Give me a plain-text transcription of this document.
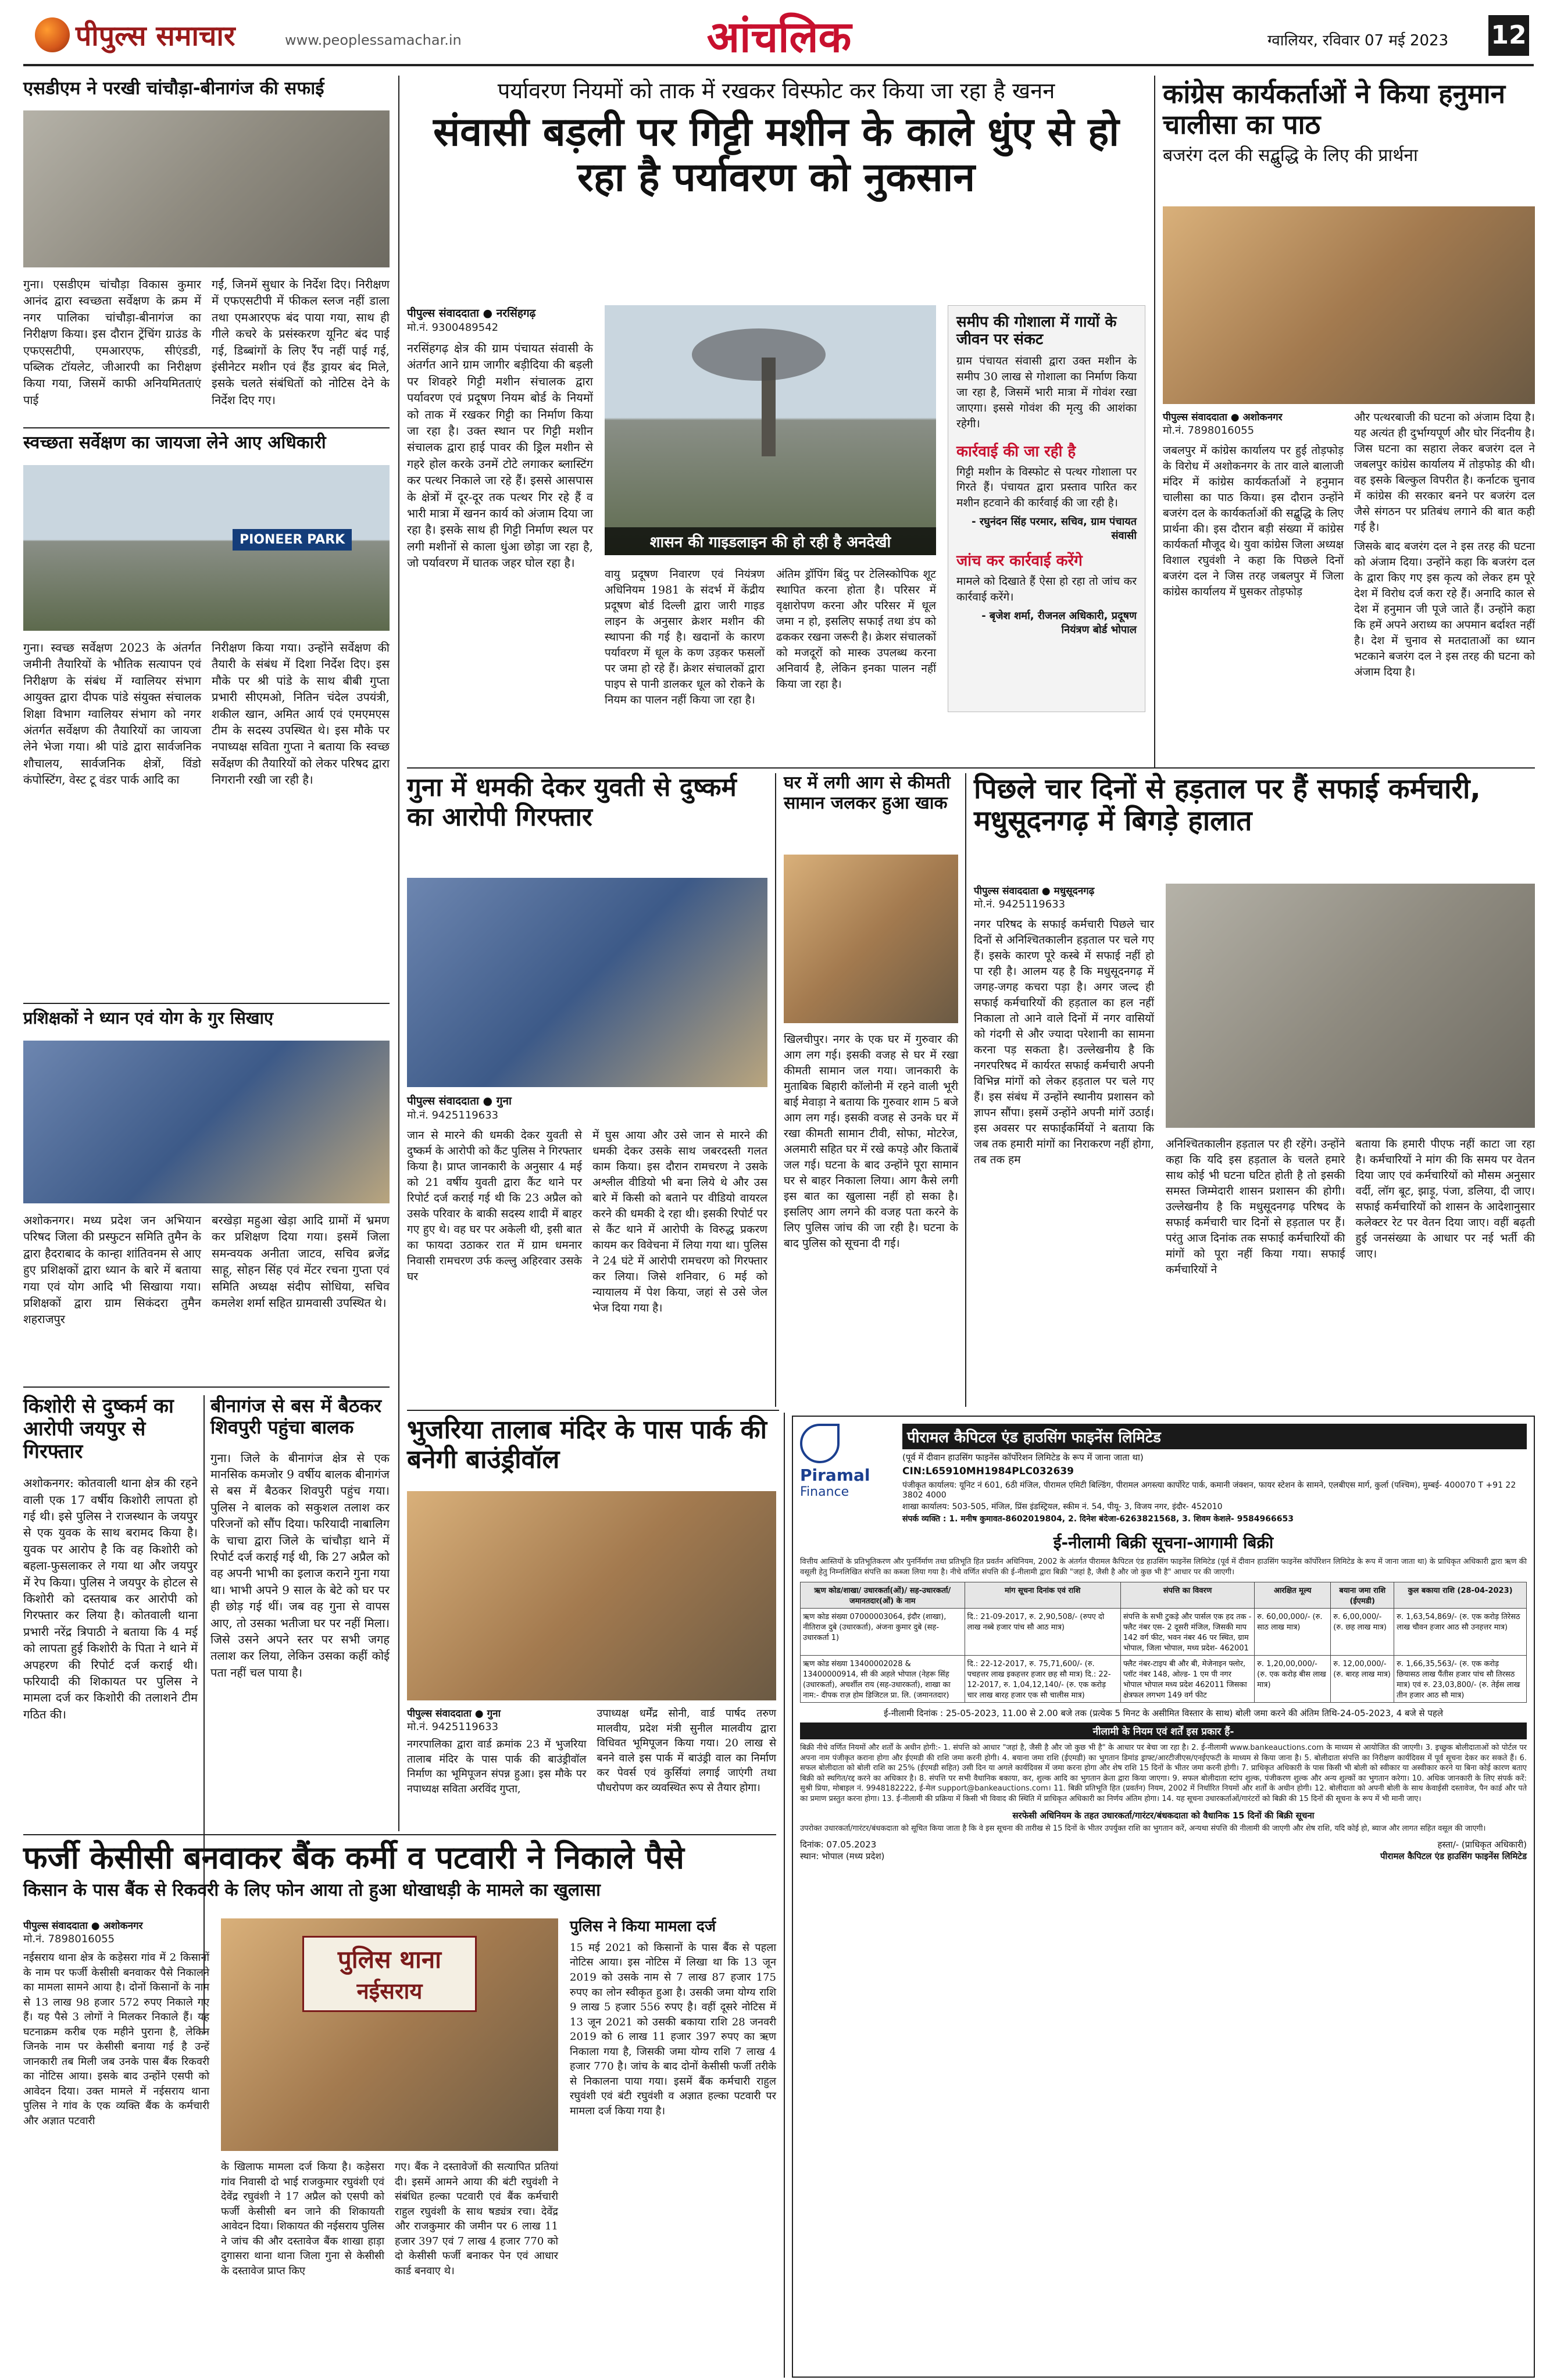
पीपुल्स समाचार	www.peoplessamachar.in	आंचलिक	ग्वालियर, रविवार 07 मई 2023 12
एसडीएम ने परखी चांचौड़ा-बीनागंज की सफाई

गुना। एसडीएम चांचौड़ा विकास कुमार आनंद द्वारा स्वच्छता सर्वेक्षण के क्रम में नगर पालिका चांचौड़ा-बीनागंज का निरीक्षण किया। इस दौरान ट्रेंचिंग ग्राउंड के एफएसटीपी, एमआरएफ, सीएंडडी, पब्लिक टॉयलेट, जीआरपी का निरीक्षण किया गया, जिसमें काफी अनियमितताएं पाई

गईं, जिनमें सुधार के निर्देश दिए। निरीक्षण में एफएसटीपी में फीकल स्लज नहीं डाला तथा एमआरएफ बंद पाया गया, साथ ही गीले कचरे के प्रसंस्करण यूनिट बंद पाई गई, डिब्बांगों के लिए रैंप नहीं पाई गई, इंसीनेटर मशीन एवं हैंड ड्रायर बंद मिले, इसके चलते संबंधितों को नोटिस देने के निर्देश दिए गए।

स्वच्छता सर्वेक्षण का जायजा लेने आए अधिकारी
PIONEER PARK

गुना। स्वच्छ सर्वेक्षण 2023 के अंतर्गत जमीनी तैयारियों के भौतिक सत्यापन एवं निरीक्षण के संबंध में ग्वालियर संभाग आयुक्त द्वारा दीपक पांडे संयुक्त संचालक शिक्षा विभाग ग्वालियर संभाग को नगर अंतर्गत सर्वेक्षण की तैयारियों का जायजा लेने भेजा गया। श्री पांडे द्वारा सार्वजनिक शौचालय, सार्वजनिक क्षेत्रों, विंडो कंपोस्टिंग, वेस्ट टू वंडर पार्क आदि का

निरीक्षण किया गया। उन्होंने सर्वेक्षण की तैयारी के संबंध में दिशा निर्देश दिए। इस मौके पर श्री पांडे के साथ बीबी गुप्ता प्रभारी सीएमओ, नितिन चंदेल उपयंत्री, शकील खान, अमित आर्य एवं एमएमएस टीम के सदस्य उपस्थित थे। इस मौके पर नपाध्यक्ष सविता गुप्ता ने बताया कि स्वच्छ सर्वेक्षण की तैयारियों को लेकर परिषद द्वारा निगरानी रखी जा रही है।

प्रशिक्षकों ने ध्यान एवं योग के गुर सिखाए

अशोकनगर। मध्य प्रदेश जन अभियान परिषद जिला की प्रस्फुटन समिति तुमैन के द्वारा हैदराबाद के कान्हा शांतिवनम से आए हुए प्रशिक्षकों द्वारा ध्यान के बारे में बताया गया एवं योग आदि भी सिखाया गया। प्रशिक्षकों द्वारा ग्राम सिकंदरा तुमैन शहराजपुर

बरखेड़ा महुआ खेड़ा आदि ग्रामों में भ्रमण कर प्रशिक्षण दिया गया। इसमें जिला समन्वयक अनीता जाटव, सचिव ब्रजेंद्र साहू, सोहन सिंह एवं मेंटर रचना गुप्ता एवं समिति अध्यक्ष संदीप सोधिया, सचिव कमलेश शर्मा सहित ग्रामवासी उपस्थित थे।

किशोरी से दुष्कर्म का आरोपी जयपुर से गिरफ्तार

अशोकनगर: कोतवाली थाना क्षेत्र की रहने वाली एक 17 वर्षीय किशोरी लापता हो गई थी। इसे पुलिस ने राजस्थान के जयपुर से एक युवक के साथ बरामद किया है। युवक पर आरोप है कि वह किशोरी को बहला-फुसलाकर ले गया था और जयपुर में रेप किया। पुलिस ने जयपुर के होटल से किशोरी को दस्तयाब कर आरोपी को गिरफ्तार कर लिया है। कोतवाली थाना प्रभारी नरेंद्र त्रिपाठी ने बताया कि 4 मई को लापता हुई किशोरी के पिता ने थाने में अपहरण की रिपोर्ट दर्ज कराई थी। फरियादी की शिकायत पर पुलिस ने मामला दर्ज कर किशोरी की तलाशने टीम गठित की।

बीनागंज से बस में बैठकर शिवपुरी पहुंचा बालक

गुना। जिले के बीनागंज क्षेत्र से एक मानसिक कमजोर 9 वर्षीय बालक बीनागंज से बस में बैठकर शिवपुरी पहुंच गया। पुलिस ने बालक को सकुशल तलाश कर परिजनों को सौंप दिया। फरियादी नाबालिग के चाचा द्वारा जिले के चांचौड़ा थाने में रिपोर्ट दर्ज कराई गई थी, कि 27 अप्रैल को वह अपनी भाभी का इलाज कराने गुना गया था। भाभी अपने 9 साल के बेटे को घर पर ही छोड़ गई थीं। जब वह गुना से वापस आए, तो उसका भतीजा घर पर नहीं मिला। जिसे उसने अपने स्तर पर सभी जगह तलाश कर लिया, लेकिन उसका कहीं कोई पता नहीं चल पाया है।

पर्यावरण नियमों को ताक में रखकर विस्फोट कर किया जा रहा है खनन
संवासी बड़ली पर गिट्टी मशीन के काले धुंए से हो रहा है पर्यावरण को नुकसान
पीपुल्स संवाददाता ● नरसिंहगढ़
मो.नं. 9300489542

नरसिंहगढ़ क्षेत्र की ग्राम पंचायत संवासी के अंतर्गत आने ग्राम जागीर बड़ीदिया की बड़ली पर शिवहरे गिट्टी मशीन संचालक द्वारा पर्यावरण एवं प्रदूषण नियम बोर्ड के नियमों को ताक में रखकर गिट्टी का निर्माण किया जा रहा है। उक्त स्थान पर गिट्टी मशीन संचालक द्वारा हाई पावर की ड्रिल मशीन से गहरे होल करके उनमें टोटे लगाकर ब्लास्टिंग कर पत्थर निकाले जा रहे हैं। इससे आसपास के क्षेत्रों में दूर-दूर तक पत्थर गिर रहे हैं व भारी मात्रा में खनन कार्य को अंजाम दिया जा रहा है। इसके साथ ही गिट्टी निर्माण स्थल पर लगी मशीनों से काला धुंआ छोड़ा जा रहा है, जो पर्यावरण में घातक जहर घोल रहा है।

शासन की गाइडलाइन की हो रही है अनदेखी

वायु प्रदूषण निवारण एवं नियंत्रण अधिनियम 1981 के संदर्भ में केंद्रीय प्रदूषण बोर्ड दिल्ली द्वारा जारी गाइड लाइन के अनुसार क्रेशर मशीन की स्थापना की गई है। खदानों के कारण पर्यावरण में धूल के कण उड़कर फसलों पर जमा हो रहे हैं। क्रेशर संचालकों द्वारा पाइप से पानी डालकर धूल को रोकने के नियम का पालन नहीं किया जा रहा है।

अंतिम ड्रॉपिंग बिंदु पर टेलिस्कोपिक शूट स्थापित करना होता है। परिसर में वृक्षारोपण करना और परिसर में धूल जमा न हो, इसलिए सफाई तथा डंप को ढककर रखना जरूरी है। क्रेशर संचालकों को मजदूरों को मास्क उपलब्ध करना अनिवार्य है, लेकिन इनका पालन नहीं किया जा रहा है।

समीप की गोशाला में गायों के जीवन पर संकट

ग्राम पंचायत संवासी द्वारा उक्त मशीन के समीप 30 लाख से गोशाला का निर्माण किया जा रहा है, जिसमें भारी मात्रा में गोवंश रखा जाएगा। इससे गोवंश की मृत्यु की आशंका रहेगी।

कार्रवाई की जा रही है

गिट्टी मशीन के विस्फोट से पत्थर गोशाला पर गिरते हैं। पंचायत द्वारा प्रस्ताव पारित कर मशीन हटवाने की कार्रवाई की जा रही है।

- रघुनंदन सिंह परमार, सचिव, ग्राम पंचायत संवासी
जांच कर कार्रवाई करेंगे

मामले को दिखाते हैं ऐसा हो रहा तो जांच कर कार्रवाई करेंगे।

- बृजेश शर्मा, रीजनल अधिकारी, प्रदूषण नियंत्रण बोर्ड भोपाल
कांग्रेस कार्यकर्ताओं ने किया हनुमान चालीसा का पाठ
बजरंग दल की सद्बुद्धि के लिए की प्रार्थना
पीपुल्स संवाददाता ● अशोकनगर
मो.नं. 7898016055

जबलपुर में कांग्रेस कार्यालय पर हुई तोड़फोड़ के विरोध में अशोकनगर के तार वाले बालाजी मंदिर में कांग्रेस कार्यकर्ताओं ने हनुमान चालीसा का पाठ किया। इस दौरान उन्होंने बजरंग दल के कार्यकर्ताओं की सद्बुद्धि के लिए प्रार्थना की। इस दौरान बड़ी संख्या में कांग्रेस कार्यकर्ता मौजूद थे। युवा कांग्रेस जिला अध्यक्ष विशाल रघुवंशी ने कहा कि पिछले दिनों बजरंग दल ने जिस तरह जबलपुर में जिला कांग्रेस कार्यालय में घुसकर तोड़फोड़

और पत्थरबाजी की घटना को अंजाम दिया है। यह अत्यंत ही दुर्भाग्यपूर्ण और घोर निंदनीय है। जिस घटना का सहारा लेकर बजरंग दल ने जबलपुर कांग्रेस कार्यालय में तोड़फोड़ की थी। वह इसके बिल्कुल विपरीत है। कर्नाटक चुनाव में कांग्रेस की सरकार बनने पर बजरंग दल जैसे संगठन पर प्रतिबंध लगाने की बात कही गई है।

जिसके बाद बजरंग दल ने इस तरह की घटना को अंजाम दिया। उन्होंने कहा कि बजरंग दल के द्वारा किए गए इस कृत्य को लेकर हम पूरे देश में विरोध दर्ज करा रहे हैं। अनादि काल से देश में हनुमान जी पूजे जाते हैं। उन्होंने कहा कि हमें अपने अराध्य का अपमान बर्दाश्त नहीं है। देश में चुनाव से मतदाताओं का ध्यान भटकाने बजरंग दल ने इस तरह की घटना को अंजाम दिया है।

गुना में धमकी देकर युवती से दुष्कर्म का आरोपी गिरफ्तार
पीपुल्स संवाददाता ● गुना
मो.नं. 9425119633

जान से मारने की धमकी देकर युवती से दुष्कर्म के आरोपी को कैंट पुलिस ने गिरफ्तार किया है। प्राप्त जानकारी के अनुसार 4 मई को 21 वर्षीय युवती द्वारा कैंट थाने पर रिपोर्ट दर्ज कराई गई थी कि 23 अप्रैल को उसके परिवार के बाकी सदस्य शादी में बाहर गए हुए थे। वह घर पर अकेली थी, इसी बात का फायदा उठाकर रात में ग्राम धमनार निवासी रामचरण उर्फ कल्लु अहिरवार उसके घर

में घुस आया और उसे जान से मारने की धमकी देकर उसके साथ जबरदस्ती गलत काम किया। इस दौरान रामचरण ने उसके अश्लील वीडियो भी बना लिये थे और उस बारे में किसी को बताने पर वीडियो वायरल करने की धमकी दे रहा थी। इसकी रिपोर्ट पर से कैंट थाने में आरोपी के विरुद्ध प्रकरण कायम कर विवेचना में लिया गया था। पुलिस ने 24 घंटे में आरोपी रामचरण को गिरफ्तार कर लिया। जिसे शनिवार, 6 मई को न्यायालय में पेश किया, जहां से उसे जेल भेज दिया गया है।

घर में लगी आग से कीमती सामान जलकर हुआ खाक

खिलचीपुर। नगर के एक घर में गुरुवार की आग लग गई। इसकी वजह से घर में रखा कीमती सामान जल गया। जानकारी के मुताबिक बिहारी कॉलोनी में रहने वाली भूरी बाई मेवाड़ा ने बताया कि गुरुवार शाम 5 बजे आग लग गई। इसकी वजह से उनके घर में रखा कीमती सामान टीवी, सोफा, मोटरेज, अलमारी सहित घर में रखे कपड़े और किताबें जल गई। घटना के बाद उन्होंने पूरा सामान घर से बाहर निकाला लिया। आग कैसे लगी इस बात का खुलासा नहीं हो सका है। इसलिए आग लगने की वजह पता करने के लिए पुलिस जांच की जा रही है। घटना के बाद पुलिस को सूचना दी गई।

पिछले चार दिनों से हड़ताल पर हैं सफाई कर्मचारी, मधुसूदनगढ़ में बिगड़े हालात
पीपुल्स संवाददाता ● मधुसूदनगढ़
मो.नं. 9425119633

नगर परिषद के सफाई कर्मचारी पिछले चार दिनों से अनिश्चितकालीन हड़ताल पर चले गए हैं। इसके कारण पूरे कस्बे में सफाई नहीं हो पा रही है। आलम यह है कि मधुसूदनगढ़ में जगह-जगह कचरा पड़ा है। अगर जल्द ही सफाई कर्मचारियों की हड़ताल का हल नहीं निकाला तो आने वाले दिनों में नगर वासियों को गंदगी से और ज्यादा परेशानी का सामना करना पड़ सकता है। उल्लेखनीय है कि नगरपरिषद में कार्यरत सफाई कर्मचारी अपनी विभिन्न मांगों को लेकर हड़ताल पर चले गए हैं। इस संबंध में उन्होंने स्थानीय प्रशासन को ज्ञापन सौंपा। इसमें उन्होंने अपनी मांगें उठाई। इस अवसर पर सफाईकर्मियों ने बताया कि जब तक हमारी मांगों का निराकरण नहीं होगा, तब तक हम

अनिश्चितकालीन हड़ताल पर ही रहेंगे। उन्होंने कहा कि यदि इस हड़ताल के चलते हमारे साथ कोई भी घटना घटित होती है तो इसकी समस्त जिम्मेदारी शासन प्रशासन की होगी। उल्लेखनीय है कि मधुसूदनगढ़ परिषद के सफाई कर्मचारी चार दिनों से हड़ताल पर हैं। परंतु आज दिनांक तक सफाई कर्मचारियों की मांगों को पूरा नहीं किया गया। सफाई कर्मचारियों ने

बताया कि हमारी पीएफ नहीं काटा जा रहा है। कर्मचारियों ने मांग की कि समय पर वेतन दिया जाए एवं कर्मचारियों को मौसम अनुसार वर्दी, लॉग बूट, झाड़ू, पंजा, डलिया, दी जाए। सफाई कर्मचारियों को शासन के आदेशानुसार कलेक्टर रेट पर वेतन दिया जाए। वहीं बढ़ती हुई जनसंख्या के आधार पर नई भर्ती की जाए।

भुजरिया तालाब मंदिर के पास पार्क की बनेगी बाउंड्रीवॉल
पीपुल्स संवाददाता ● गुना
मो.नं. 9425119633

नगरपालिका द्वारा वार्ड क्रमांक 23 में भुजरिया तालाब मंदिर के पास पार्क की बाउंड्रीवॉल निर्माण का भूमिपूजन संपन्न हुआ। इस मौके पर नपाध्यक्ष सविता अरविंद गुप्ता,

उपाध्यक्ष धर्मेंद्र सोनी, वार्ड पार्षद तरुण मालवीय, प्रदेश मंत्री सुनील मालवीय द्वारा विधिवत भूमिपूजन किया गया। 20 लाख से बनने वाले इस पार्क में बाउंड्री वाल का निर्माण कर पेवर्स एवं कुर्सियां लगाई जाएंगी तथा पौधरोपण कर व्यवस्थित रूप से तैयार होगा।

Piramal
Finance
पीरामल कैपिटल एंड हाउसिंग फाइनेंस लिमिटेड
(पूर्व में दीवान हाउसिंग फाइनेंस कॉर्पोरेशन लिमिटेड के रूप में जाना जाता था)
CIN:L65910MH1984PLC032639
पंजीकृत कार्यालय: यूनिट नं 601, 6ठी मंजिल, पीरामल एमिटी बिल्डिंग, पीरामल अगस्त्या कार्पोरेट पार्क, कमानी जंक्शन, फायर स्टेशन के सामने, एलबीएस मार्ग, कुर्ला (पश्चिम), मुम्बई- 400070 T +91 22 3802 4000
शाखा कार्यालय: 503-505, मंजिल, प्रिंस इंडस्ट्रियल, स्कीम नं. 54, पीयू- 3, विजय नगर, इंदौर- 452010
संपर्क व्यक्ति : 1. मनीष कुमावत-8602019804, 2. दिनेश बंदेजा-6263821568, 3. शिवम केशले- 9584966653
ई-नीलामी बिक्री सूचना-आगामी बिक्री

वित्तीय आस्तियों के प्रतिभूतिकरण और पुनर्निर्माण तथा प्रतिभूति हित प्रवर्तन अधिनियम, 2002 के अंतर्गत पीरामल कैपिटल एंड हाउसिंग फाइनेंस लिमिटेड (पूर्व में दीवान हाउसिंग फाइनेंस कॉर्पोरेशन लिमिटेड के रूप में जाना जाता था) के प्राधिकृत अधिकारी द्वारा ऋण की वसूली हेतु निम्नलिखित संपत्ति का कब्जा लिया गया है। नीचे वर्णित संपत्ति की ई-नीलामी द्वारा बिक्री "जहां है, जैसी है और जो कुछ भी है" आधार पर की जाएगी।

ऋण कोड/शाखा/ उधारकर्ता(ओं)/ सह-उधारकर्ता/ जमानतदार(ओं) के नाम	मांग सूचना दिनांक एवं राशि	संपत्ति का विवरण	आरक्षित मूल्य	बयाना जमा राशि (ईएमडी)	कुल बकाया राशि (28-04-2023)
ऋण कोड संख्या 07000003064, इंदौर (शाखा), नीतिराज दुबे (उधारकर्ता), अंजना कुमार दुबे (सह-उधारकर्ता 1)	दि.: 21-09-2017, रु. 2,90,508/- (रुपए दो लाख नब्बे हजार पांच सौ आठ मात्र)	संपत्ति के सभी टुकड़े और पार्सल एक हद तक - फ्लैट नंबर एस- 2 दूसरी मंजिल, जिसकी माप 142 वर्ग फीट, भवन नंबर 46 पर स्थित, ग्राम भोपाल, जिला भोपाल, मध्य प्रदेश- 462001	रु. 60,00,000/- (रु. साठ लाख मात्र)	रु. 6,00,000/- (रु. छह लाख मात्र)	रु. 1,63,54,869/- (रु. एक करोड़ तिरेसठ लाख चौवन हजार आठ सौ उनहत्तर मात्र)
ऋण कोड संख्या 13400002028 & 13400000914, सी की अहले भोपाल (नेहरू सिंह (उधारकर्ता), अचर्शील राय (सह-उधारकर्ता), शाखा का नाम:- दीपक राज़ होम डिजिटल प्रा. लि. (जमानतदार)	दि.: 22-12-2017, रु. 75,71,600/- (रु. पचहत्तर लाख इकहत्तर हजार छह सौ मात्र) दि.: 22-12-2017, रु. 1,04,12,140/- (रु. एक करोड़ चार लाख बारह हजार एक सौ चालीस मात्र)	फ्लैट नंबर-टाइप बी और बी, मेजेनाइन फ्लोर, प्लॉट नंबर 148, ओल्ड- 1 एम पी नगर भोपाल भोपाल मध्य प्रदेश 462011 जिसका क्षेत्रफल लगभग 149 वर्ग फीट	रु. 1,20,00,000/- (रु. एक करोड़ बीस लाख मात्र)	रु. 12,00,000/- (रु. बारह लाख मात्र)	रु. 1,66,35,563/- (रु. एक करोड़ छियासठ लाख पैंतीस हजार पांच सौ तिरसठ मात्र) एवं रु. 23,03,800/- (रु. तेईस लाख तीन हजार आठ सौ मात्र)
ई-नीलामी दिनांक : 25-05-2023, 11.00 से 2.00 बजे तक (प्रत्येक 5 मिनट के असीमित विस्तार के साथ) बोली जमा करने की अंतिम तिथि-24-05-2023, 4 बजे से पहले
नीलामी के नियम एवं शर्तें इस प्रकार हैं-

बिक्री नीचे वर्णित नियमों और शर्तों के अधीन होगी:- 1. संपत्ति को आधार "जहां है, जैसी है और जो कुछ भी है" के आधार पर बेचा जा रहा है। 2. ई-नीलामी www.bankeauctions.com के माध्यम से आयोजित की जाएगी। 3. इच्छुक बोलीदाताओं को पोर्टल पर अपना नाम पंजीकृत कराना होगा और ईएमडी की राशि जमा करनी होगी। 4. बयाना जमा राशि (ईएमडी) का भुगतान डिमांड ड्राफ्ट/आरटीजीएस/एनईएफटी के माध्यम से किया जाना है। 5. बोलीदाता संपत्ति का निरीक्षण कार्यदिवस में पूर्व सूचना देकर कर सकते हैं। 6. सफल बोलीदाता को बोली राशि का 25% (ईएमडी सहित) उसी दिन या अगले कार्यदिवस में जमा करना होगा और शेष राशि 15 दिनों के भीतर जमा करनी होगी। 7. प्राधिकृत अधिकारी के पास किसी भी बोली को स्वीकार या अस्वीकार करने या बिना कोई कारण बताए बिक्री को स्थगित/रद्द करने का अधिकार है। 8. संपत्ति पर सभी वैधानिक बकाया, कर, शुल्क आदि का भुगतान क्रेता द्वारा किया जाएगा। 9. सफल बोलीदाता स्टांप शुल्क, पंजीकरण शुल्क और अन्य शुल्कों का भुगतान करेगा। 10. अधिक जानकारी के लिए संपर्क करें: सुश्री प्रिया, मोबाइल नं. 9948182222, ई-मेल support@bankeauctions.com। 11. बिक्री प्रतिभूति हित (प्रवर्तन) नियम, 2002 में निर्धारित नियमों और शर्तों के अधीन होगी। 12. बोलीदाता को अपनी बोली के साथ केवाईसी दस्तावेज, पैन कार्ड और पते का प्रमाण प्रस्तुत करना होगा। 13. ई-नीलामी की प्रक्रिया में किसी भी विवाद की स्थिति में प्राधिकृत अधिकारी का निर्णय अंतिम होगा। 14. यह सूचना उधारकर्ताओं/गारंटरों को बिक्री की 15 दिनों की सूचना के रूप में भी मानी जाए।

सरफेसी अधिनियम के तहत उधारकर्ता/गारंटर/बंधकदाता को वैधानिक 15 दिनों की बिक्री सूचना

उपरोक्त उधारकर्ता/गारंटर/बंधकदाता को सूचित किया जाता है कि वे इस सूचना की तारीख से 15 दिनों के भीतर उपर्युक्त राशि का भुगतान करें, अन्यथा संपत्ति की नीलामी की जाएगी और शेष राशि, यदि कोई हो, ब्याज और लागत सहित वसूल की जाएगी।

दिनांक: 07.05.2023
स्थान: भोपाल (मध्य प्रदेश)
हस्ता/- (प्राधिकृत अधिकारी)
पीरामल कैपिटल एंड हाउसिंग फाइनेंस लिमिटेड
फर्जी केसीसी बनवाकर बैंक कर्मी व पटवारी ने निकाले पैसे
किसान के पास बैंक से रिकवरी के लिए फोन आया तो हुआ धोखाधड़ी के मामले का खुलासा
पीपुल्स संवाददाता ● अशोकनगर
मो.नं. 7898016055

नईसराय थाना क्षेत्र के कड़ेसरा गांव में 2 किसानों के नाम पर फर्जी केसीसी बनवाकर पैसे निकालने का मामला सामने आया है। दोनों किसानों के नाम से 13 लाख 98 हजार 572 रुपए निकाले गए हैं। यह पैसे 3 लोगों ने मिलकर निकाले हैं। यह घटनाक्रम करीब एक महीने पुराना है, लेकिन जिनके नाम पर केसीसी बनाया गई है उन्हें जानकारी तब मिली जब उनके पास बैंक रिकवरी का नोटिस आया। इसके बाद उन्होंने एसपी को आवेदन दिया। उक्त मामले में नईसराय थाना पुलिस ने गांव के एक व्यक्ति बैंक के कर्मचारी और अज्ञात पटवारी

पुलिस थाना
नईसराय

के खिलाफ मामला दर्ज किया है। कड़ेसरा गांव निवासी दो भाई राजकुमार रघुवंशी एवं देवेंद्र रघुवंशी ने 17 अप्रैल को एसपी को फर्जी केसीसी बन जाने की शिकायती आवेदन दिया। शिकायत की नईसराय पुलिस ने जांच की और दस्तावेज बैंक शाखा हाड़ा दुगासरा थाना थाना जिला गुना से केसीसी के दस्तावेज प्राप्त किए

गए। बैंक ने दस्तावेजों की सत्यापित प्रतियां दी। इसमें आमने आया की बंटी रघुवंशी ने संबंधित हल्का पटवारी एवं बैंक कर्मचारी राहुल रघुवंशी के साथ षड्यंत्र रचा। देवेंद्र और राजकुमार की जमीन पर 6 लाख 11 हजार 397 एवं 7 लाख 4 हजार 770 को दो केसीसी फर्जी बनाकर पेन एवं आधार कार्ड बनवाए थे।

पुलिस ने किया मामला दर्ज

15 मई 2021 को किसानों के पास बैंक से पहला नोटिस आया। इस नोटिस में लिखा था कि 13 जून 2019 को उसके नाम से 7 लाख 87 हजार 175 रुपए का लोन स्वीकृत हुआ है। उसकी जमा योग्य राशि 9 लाख 5 हजार 556 रुपए है। वहीं दूसरे नोटिस में 13 जून 2021 को उसकी बकाया राशि 28 जनवरी 2019 को 6 लाख 11 हजार 397 रुपए का ऋण निकाला गया है, जिसकी जमा योग्य राशि 7 लाख 4 हजार 770 है। जांच के बाद दोनों केसीसी फर्जी तरीके से निकालना पाया गया। इसमें बैंक कर्मचारी राहुल रघुवंशी एवं बंटी रघुवंशी व अज्ञात हल्का पटवारी पर मामला दर्ज किया गया है।
